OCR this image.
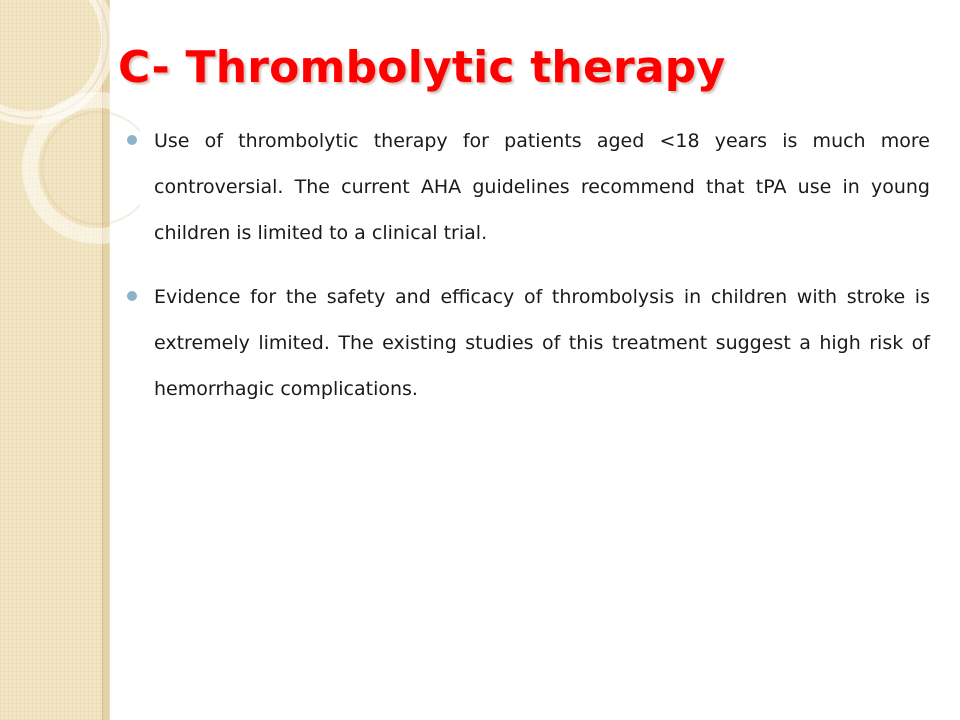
C- Thrombolytic therapy
Use of thrombolytic therapy for patients aged <18 years is much more controversial. The current AHA guidelines recommend that tPA use in young children is limited to a clinical trial.
Evidence for the safety and efficacy of thrombolysis in children with stroke is extremely limited. The existing studies of this treatment suggest a high risk of hemorrhagic complications.
